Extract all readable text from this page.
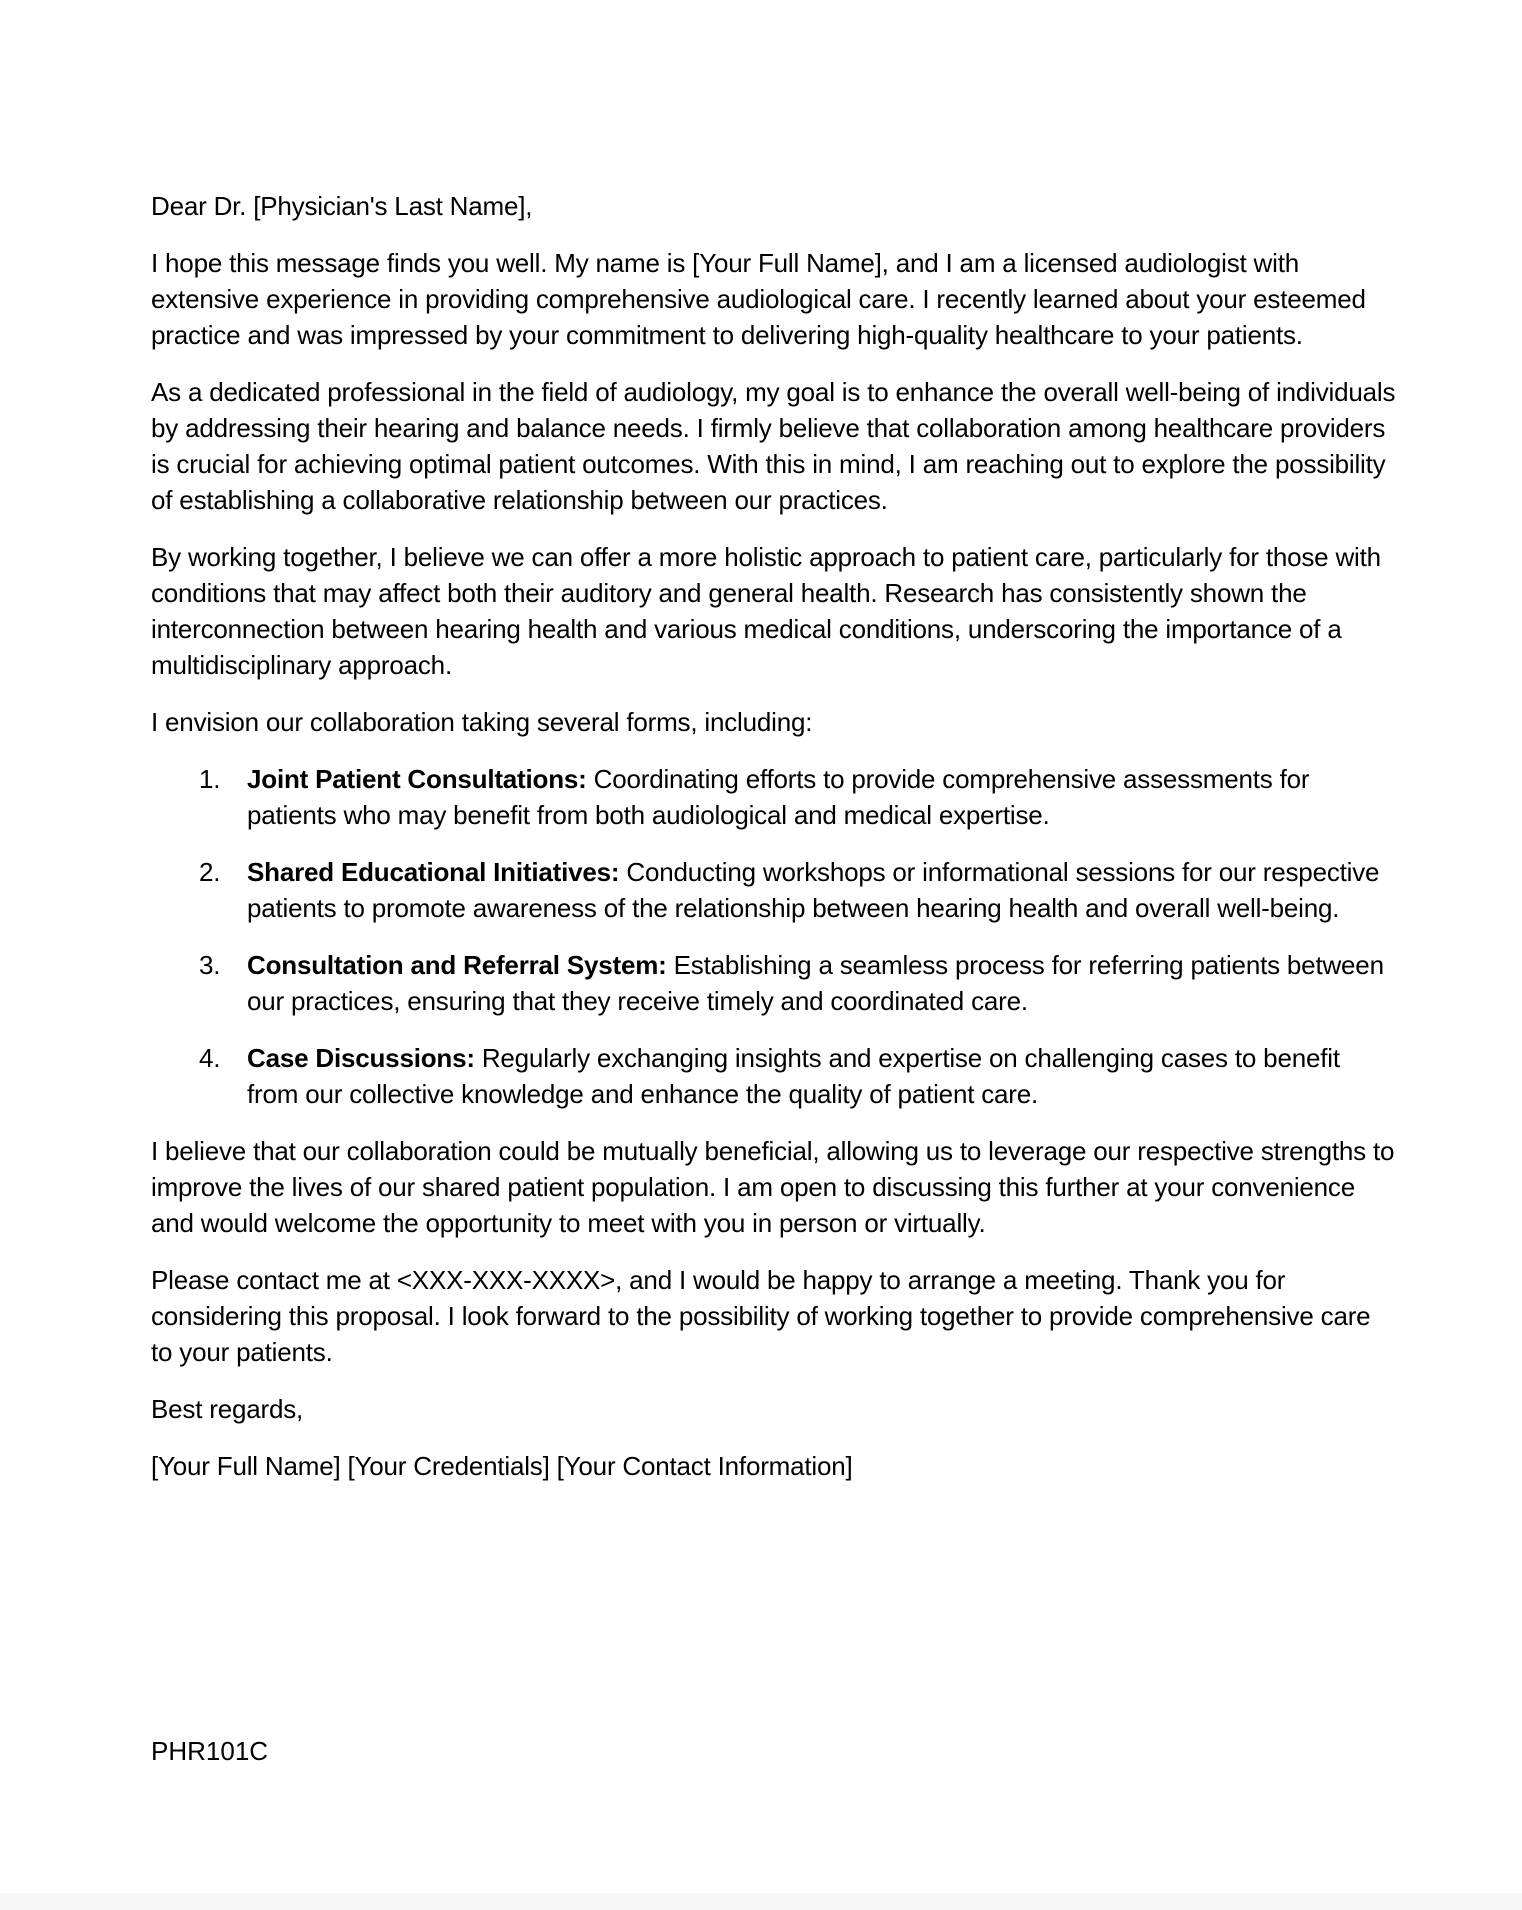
Dear Dr. [Physician's Last Name],

I hope this message finds you well. My name is [Your Full Name], and I am a licensed audiologist with extensive experience in providing comprehensive audiological care. I recently learned about your esteemed practice and was impressed by your commitment to delivering high-quality healthcare to your patients.

As a dedicated professional in the field of audiology, my goal is to enhance the overall well-being of individuals by addressing their hearing and balance needs. I firmly believe that collaboration among healthcare providers is crucial for achieving optimal patient outcomes. With this in mind, I am reaching out to explore the possibility of establishing a collaborative relationship between our practices.

By working together, I believe we can offer a more holistic approach to patient care, particularly for those with conditions that may affect both their auditory and general health. Research has consistently shown the interconnection between hearing health and various medical conditions, underscoring the importance of a multidisciplinary approach.

I envision our collaboration taking several forms, including:

1. Joint Patient Consultations: Coordinating efforts to provide comprehensive assessments for patients who may benefit from both audiological and medical expertise.
2. Shared Educational Initiatives: Conducting workshops or informational sessions for our respective patients to promote awareness of the relationship between hearing health and overall well-being.
3. Consultation and Referral System: Establishing a seamless process for referring patients between our practices, ensuring that they receive timely and coordinated care.
4. Case Discussions: Regularly exchanging insights and expertise on challenging cases to benefit from our collective knowledge and enhance the quality of patient care.

I believe that our collaboration could be mutually beneficial, allowing us to leverage our respective strengths to improve the lives of our shared patient population. I am open to discussing this further at your convenience and would welcome the opportunity to meet with you in person or virtually.

Please contact me at <XXX-XXX-XXXX>, and I would be happy to arrange a meeting. Thank you for considering this proposal. I look forward to the possibility of working together to provide comprehensive care to your patients.

Best regards,

[Your Full Name] [Your Credentials] [Your Contact Information]

PHR101C
